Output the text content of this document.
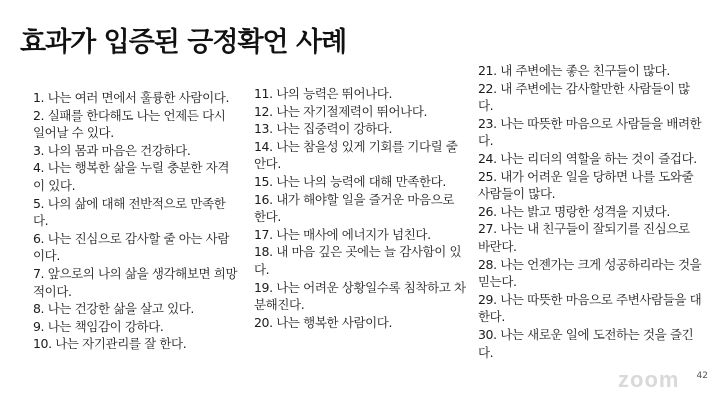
효과가 입증된 긍정확언 사례
1. 나는 여러 면에서 훌륭한 사람이다.
2. 실패를 한다해도 나는 언제든 다시 일어날 수 있다.
3. 나의 몸과 마음은 건강하다.
4. 나는 행복한 삶을 누릴 충분한 자격이 있다.
5. 나의 삶에 대해 전반적으로 만족한다.
6. 나는 진심으로 감사할 줄 아는 사람이다.
7. 앞으로의 나의 삶을 생각해보면 희망적이다.
8. 나는 건강한 삶을 살고 있다.
9. 나는 책임감이 강하다.
10. 나는 자기관리를 잘 한다.
11. 나의 능력은 뛰어나다.
12. 나는 자기절제력이 뛰어나다.
13. 나는 집중력이 강하다.
14. 나는 참을성 있게 기회를 기다릴 줄 안다.
15. 나는 나의 능력에 대해 만족한다.
16. 내가 해야할 일을 즐거운 마음으로 한다.
17. 나는 매사에 에너지가 넘친다.
18. 내 마음 깊은 곳에는 늘 감사함이 있다.
19. 나는 어려운 상황일수록 침착하고 차분해진다.
20. 나는 행복한 사람이다.
21. 내 주변에는 좋은 친구들이 많다.
22. 내 주변에는 감사할만한 사람들이 많다.
23. 나는 따뜻한 마음으로 사람들을 배려한다.
24. 나는 리더의 역할을 하는 것이 즐겁다.
25. 내가 어려운 일을 당하면 나를 도와줄 사람들이 많다.
26. 나는 밝고 명랑한 성격을 지녔다.
27. 나는 내 친구들이 잘되기를 진심으로 바란다.
28. 나는 언젠가는 크게 성공하리라는 것을 믿는다.
29. 나는 따뜻한 마음으로 주변사람들을 대한다.
30. 나는 새로운 일에 도전하는 것을 즐긴다.
zoom 42
